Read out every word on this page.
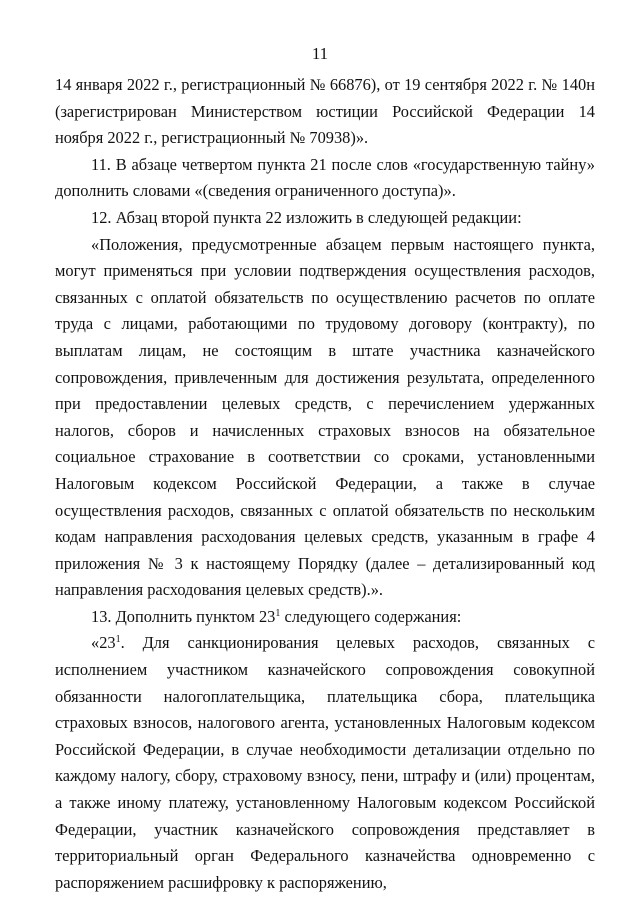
11

14 января 2022 г., регистрационный № 66876), от 19 сентября 2022 г. № 140н (зарегистрирован Министерством юстиции Российской Федерации 14 ноября 2022 г., регистрационный № 70938)».

11. В абзаце четвертом пункта 21 после слов «государственную тайну» дополнить словами «(сведения ограниченного доступа)».

12. Абзац второй пункта 22 изложить в следующей редакции:

«Положения, предусмотренные абзацем первым настоящего пункта, могут применяться при условии подтверждения осуществления расходов, связанных с оплатой обязательств по осуществлению расчетов по оплате труда с лицами, работающими по трудовому договору (контракту), по выплатам лицам, не состоящим в штате участника казначейского сопровождения, привлеченным для достижения результата, определенного при предоставлении целевых средств, с перечислением удержанных налогов, сборов и начисленных страховых взносов на обязательное социальное страхование в соответствии со сроками, установленными Налоговым кодексом Российской Федерации, а также в случае осуществления расходов, связанных с оплатой обязательств по нескольким кодам направления расходования целевых средств, указанным в графе 4 приложения № 3 к настоящему Порядку (далее – детализированный код направления расходования целевых средств).».

13. Дополнить пунктом $23^1$ следующего содержания:

«$23^1$. Для санкционирования целевых расходов, связанных с исполнением участником казначейского сопровождения совокупной обязанности налогоплательщика, плательщика сбора, плательщика страховых взносов, налогового агента, установленных Налоговым кодексом Российской Федерации, в случае необходимости детализации отдельно по каждому налогу, сбору, страховому взносу, пени, штрафу и (или) процентам, а также иному платежу, установленному Налоговым кодексом Российской Федерации, участник казначейского сопровождения представляет в территориальный орган Федерального казначейства одновременно с распоряжением расшифровку к распоряжению,
